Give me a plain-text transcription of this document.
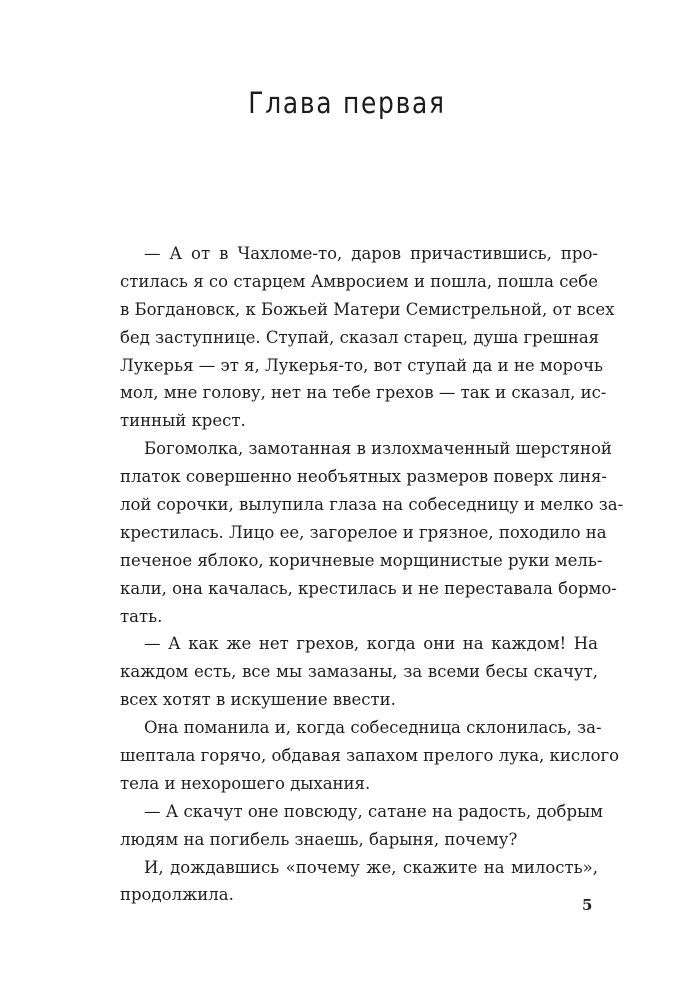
Глава первая
— А от в Чахломе-то, даров причастившись, про-
стилась я со старцем Амвросием и пошла, пошла себе
в Богдановск, к Божьей Матери Семистрельной, от всех
бед заступнице. Ступай, сказал старец, душа грешная
Лукерья — эт я, Лукерья-то, вот ступай да и не морочь
мол, мне голову, нет на тебе грехов — так и сказал, ис-
тинный крест.
Богомолка, замотанная в излохмаченный шерстяной
платок совершенно необъятных размеров поверх линя-
лой сорочки, вылупила глаза на собеседницу и мелко за-
крестилась. Лицо ее, загорелое и грязное, походило на
печеное яблоко, коричневые морщинистые руки мель-
кали, она качалась, крестилась и не переставала бормо-
тать.
— А как же нет грехов, когда они на каждом! На
каждом есть, все мы замазаны, за всеми бесы скачут,
всех хотят в искушение ввести.
Она поманила и, когда собеседница склонилась, за-
шептала горячо, обдавая запахом прелого лука, кислого
тела и нехорошего дыхания.
— А скачут оне повсюду, сатане на радость, добрым
людям на погибель знаешь, барыня, почему?
И, дождавшись «почему же, скажите на милость»,
продолжила.
5
